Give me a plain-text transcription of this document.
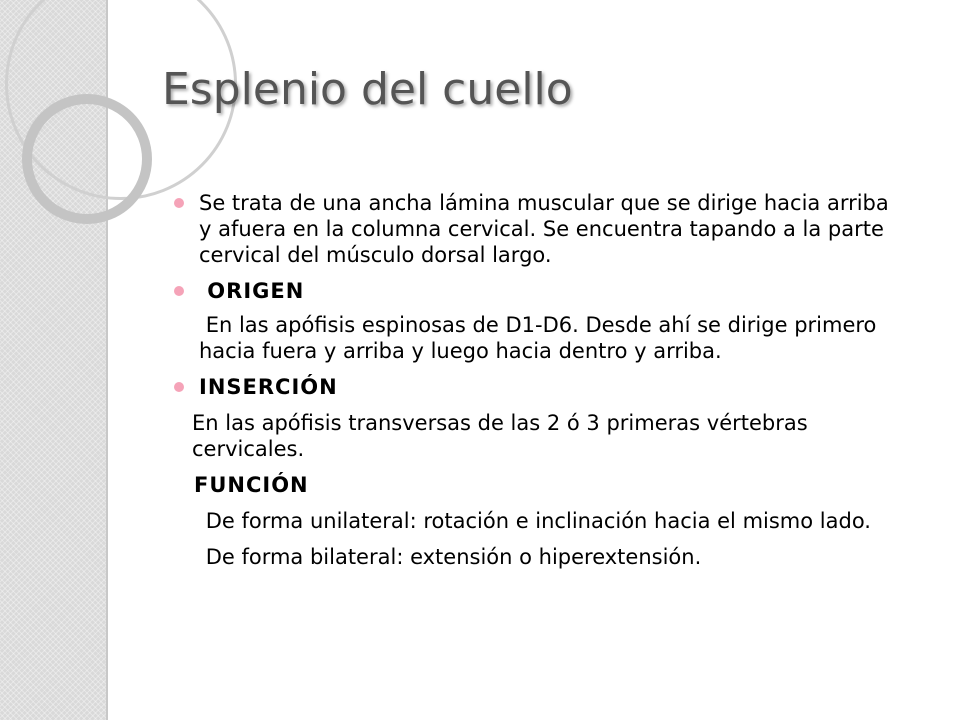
Esplenio del cuello

Se trata de una ancha lámina muscular que se dirige hacia arriba y afuera en la columna cervical. Se encuentra tapando a la parte cervical del músculo dorsal largo.

ORIGEN

En las apófisis espinosas de D1-D6. Desde ahí se dirige primero hacia fuera y arriba y luego hacia dentro y arriba.

INSERCIÓN

En las apófisis transversas de las 2 ó 3 primeras vértebras cervicales.

FUNCIÓN

De forma unilateral: rotación e inclinación hacia el mismo lado.

De forma bilateral: extensión o hiperextensión.
